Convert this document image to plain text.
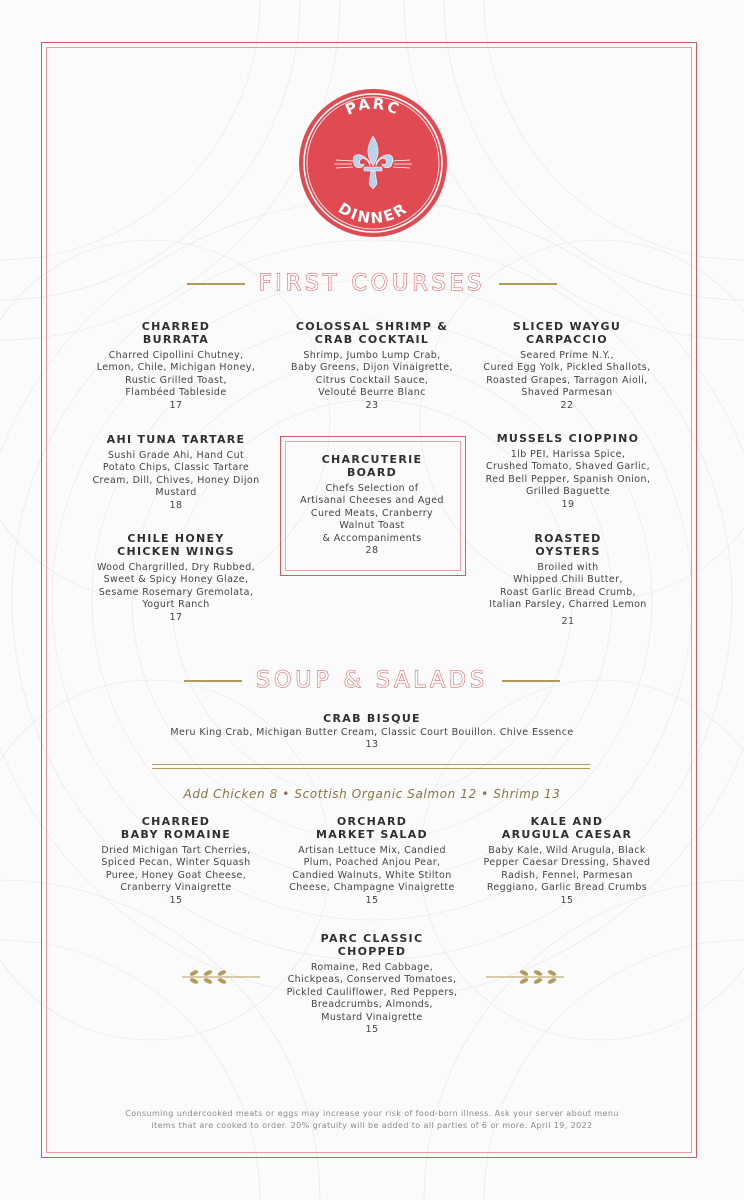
PARC
DINNER
FIRST COURSES
CHARRED
BURRATA
Charred Cipollini Chutney,
Lemon, Chile, Michigan Honey,
Rustic Grilled Toast,
Flambéed Tableside
17
COLOSSAL SHRIMP &
CRAB COCKTAIL
Shrimp, Jumbo Lump Crab,
Baby Greens, Dijon Vinaigrette,
Citrus Cocktail Sauce,
Velouté Beurre Blanc
23
SLICED WAYGU
CARPACCIO
Seared Prime N.Y.,
Cured Egg Yolk, Pickled Shallots,
Roasted Grapes, Tarragon Aioli,
Shaved Parmesan
22
AHI TUNA TARTARE
Sushi Grade Ahi, Hand Cut
Potato Chips, Classic Tartare
Cream, Dill, Chives, Honey Dijon
Mustard
18
CHARCUTERIE
BOARD
Chefs Selection of
Artisanal Cheeses and Aged
Cured Meats, Cranberry
Walnut Toast
& Accompaniments
28
MUSSELS CIOPPINO
1lb PEI, Harissa Spice,
Crushed Tomato, Shaved Garlic,
Red Bell Pepper, Spanish Onion,
Grilled Baguette
19
CHILE HONEY
CHICKEN WINGS
Wood Chargrilled, Dry Rubbed,
Sweet & Spicy Honey Glaze,
Sesame Rosemary Gremolata,
Yogurt Ranch
17
ROASTED
OYSTERS
Broiled with
Whipped Chili Butter,
Roast Garlic Bread Crumb,
Italian Parsley, Charred Lemon
21
SOUP & SALADS
CRAB BISQUE
Meru King Crab, Michigan Butter Cream, Classic Court Bouillon. Chive Essence
13
Add Chicken 8 • Scottish Organic Salmon 12 • Shrimp 13
CHARRED
BABY ROMAINE
Dried Michigan Tart Cherries,
Spiced Pecan, Winter Squash
Puree, Honey Goat Cheese,
Cranberry Vinaigrette
15
ORCHARD
MARKET SALAD
Artisan Lettuce Mix, Candied
Plum, Poached Anjou Pear,
Candied Walnuts, White Stilton
Cheese, Champagne Vinaigrette
15
KALE AND
ARUGULA CAESAR
Baby Kale, Wild Arugula, Black
Pepper Caesar Dressing, Shaved
Radish, Fennel, Parmesan
Reggiano, Garlic Bread Crumbs
15
PARC CLASSIC
CHOPPED
Romaine, Red Cabbage,
Chickpeas, Conserved Tomatoes,
Pickled Cauliflower, Red Peppers,
Breadcrumbs, Almonds,
Mustard Vinaigrette
15
Consuming undercooked meats or eggs may increase your risk of food-born illness. Ask your server about menu
items that are cooked to order. 20% gratuity will be added to all parties of 6 or more. April 19, 2022
